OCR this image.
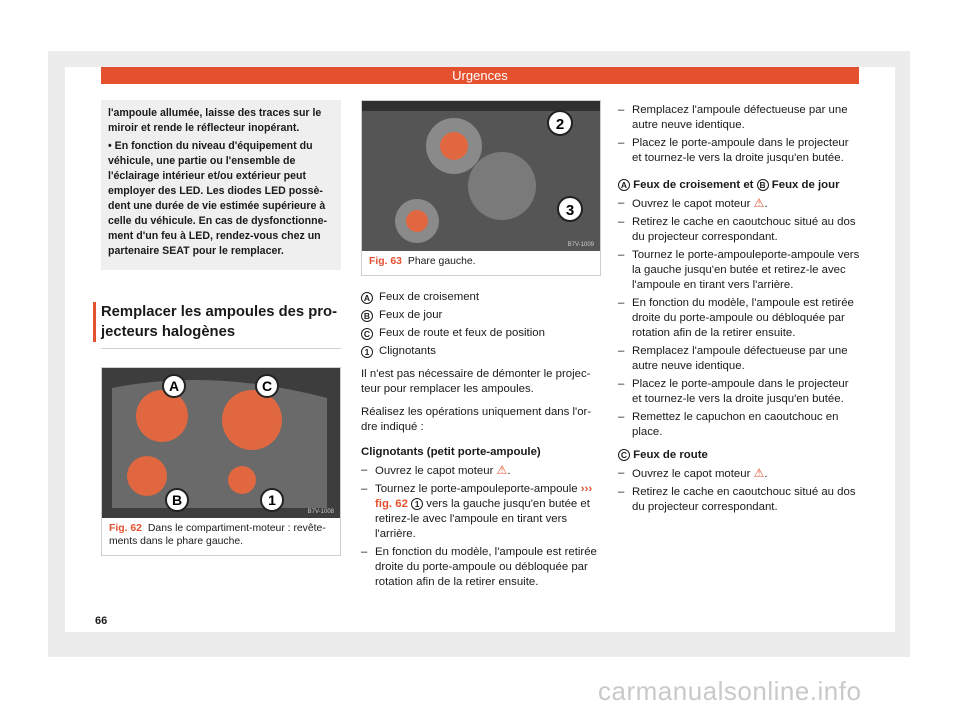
Urgences

l'ampoule allumée, laisse des traces sur le miroir et rende le réflecteur inopérant.

• En fonction du niveau d'équipement du véhicule, une partie ou l'ensemble de l'éclairage intérieur et/ou extérieur peut employer des LED. Les diodes LED possè-dent une durée de vie estimée supérieure à celle du véhicule. En cas de dysfonctionne-ment d'un feu à LED, rendez-vous chez un partenaire SEAT pour le remplacer.

Remplacer les ampoules des pro-jecteurs halogènes
A	C
B	1
B7V-1008
Fig. 62 Dans le compartiment-moteur : revête-ments dans le phare gauche.
2
3
B7V-1009
Fig. 63 Phare gauche.
A Feux de croisement
B Feux de jour
C Feux de route et feux de position
1 Clignotants

Il n'est pas nécessaire de démonter le projec-teur pour remplacer les ampoules.

Réalisez les opérations uniquement dans l'or-dre indiqué :

Clignotants (petit porte-ampoule)

– Ouvrez le capot moteur ⚠.
– Tournez le porte-ampouleporte-ampoule ››› fig. 62 1 vers la gauche jusqu'en butée et retirez-le avec l'ampoule en tirant vers l'arrière.
– En fonction du modèle, l'ampoule est retirée droite du porte-ampoule ou débloquée par rotation afin de la retirer ensuite.
– Remplacez l'ampoule défectueuse par une autre neuve identique.
– Placez le porte-ampoule dans le projecteur et tournez-le vers la droite jusqu'en butée.

A Feux de croisement et B Feux de jour

– Ouvrez le capot moteur ⚠.
– Retirez le cache en caoutchouc situé au dos du projecteur correspondant.
– Tournez le porte-ampouleporte-ampoule vers la gauche jusqu'en butée et retirez-le avec l'ampoule en tirant vers l'arrière.
– En fonction du modèle, l'ampoule est retirée droite du porte-ampoule ou débloquée par rotation afin de la retirer ensuite.
– Remplacez l'ampoule défectueuse par une autre neuve identique.
– Placez le porte-ampoule dans le projecteur et tournez-le vers la droite jusqu'en butée.
– Remettez le capuchon en caoutchouc en place.

C Feux de route

– Ouvrez le capot moteur ⚠.
– Retirez le cache en caoutchouc situé au dos du projecteur correspondant.
66
carmanualsonline.info
